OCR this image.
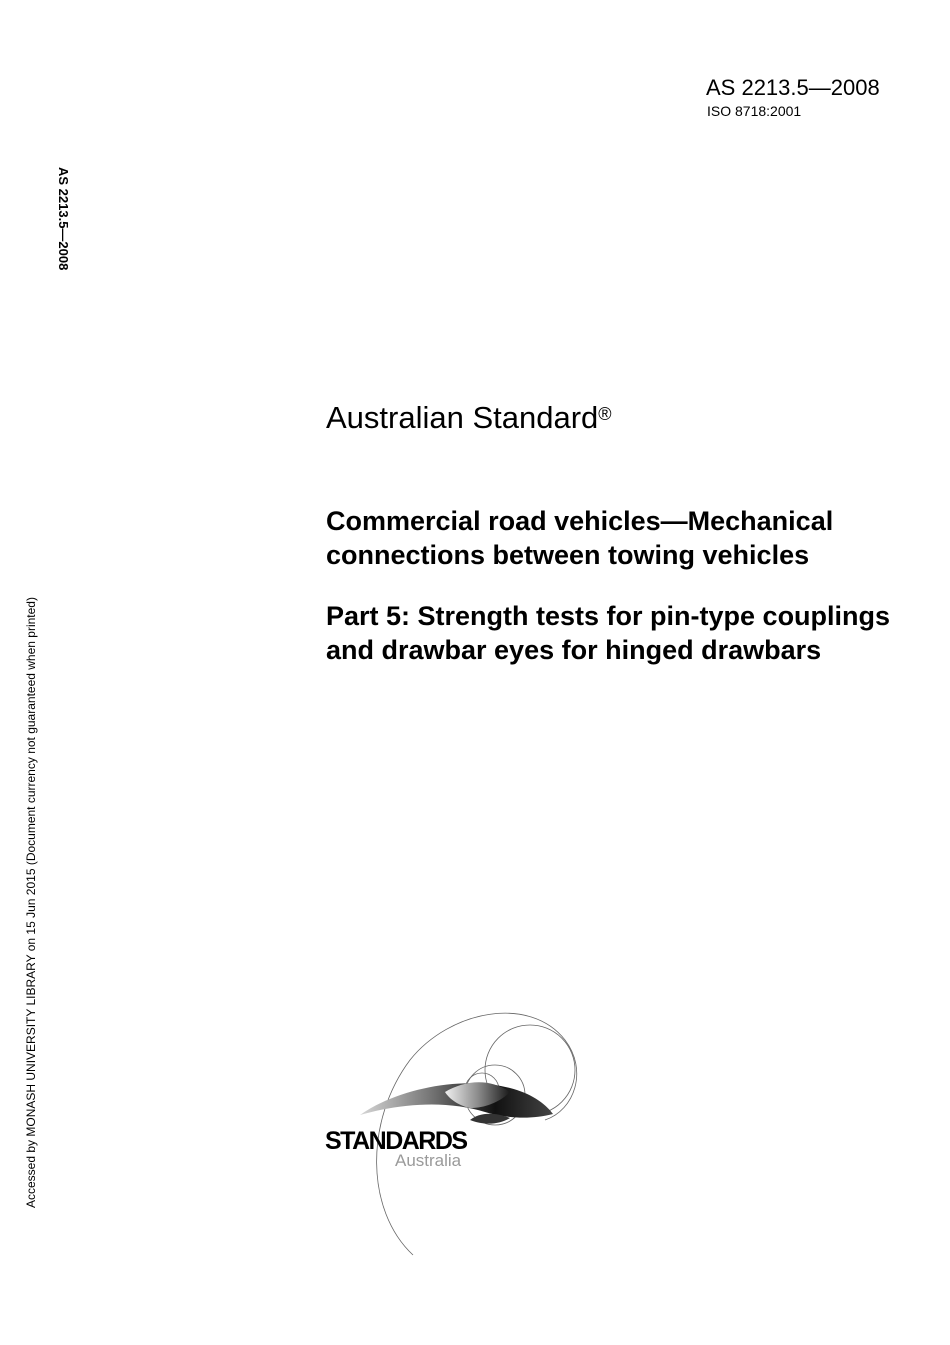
AS 2213.5—2008
ISO 8718:2001
AS 2213.5—2008
Accessed by MONASH UNIVERSITY LIBRARY on 15 Jun 2015 (Document currency not guaranteed when printed)
Australian Standard®
Commercial road vehicles—Mechanical connections between towing vehicles
Part 5: Strength tests for pin-type couplings and drawbar eyes for hinged drawbars
STANDARDS
Australia
